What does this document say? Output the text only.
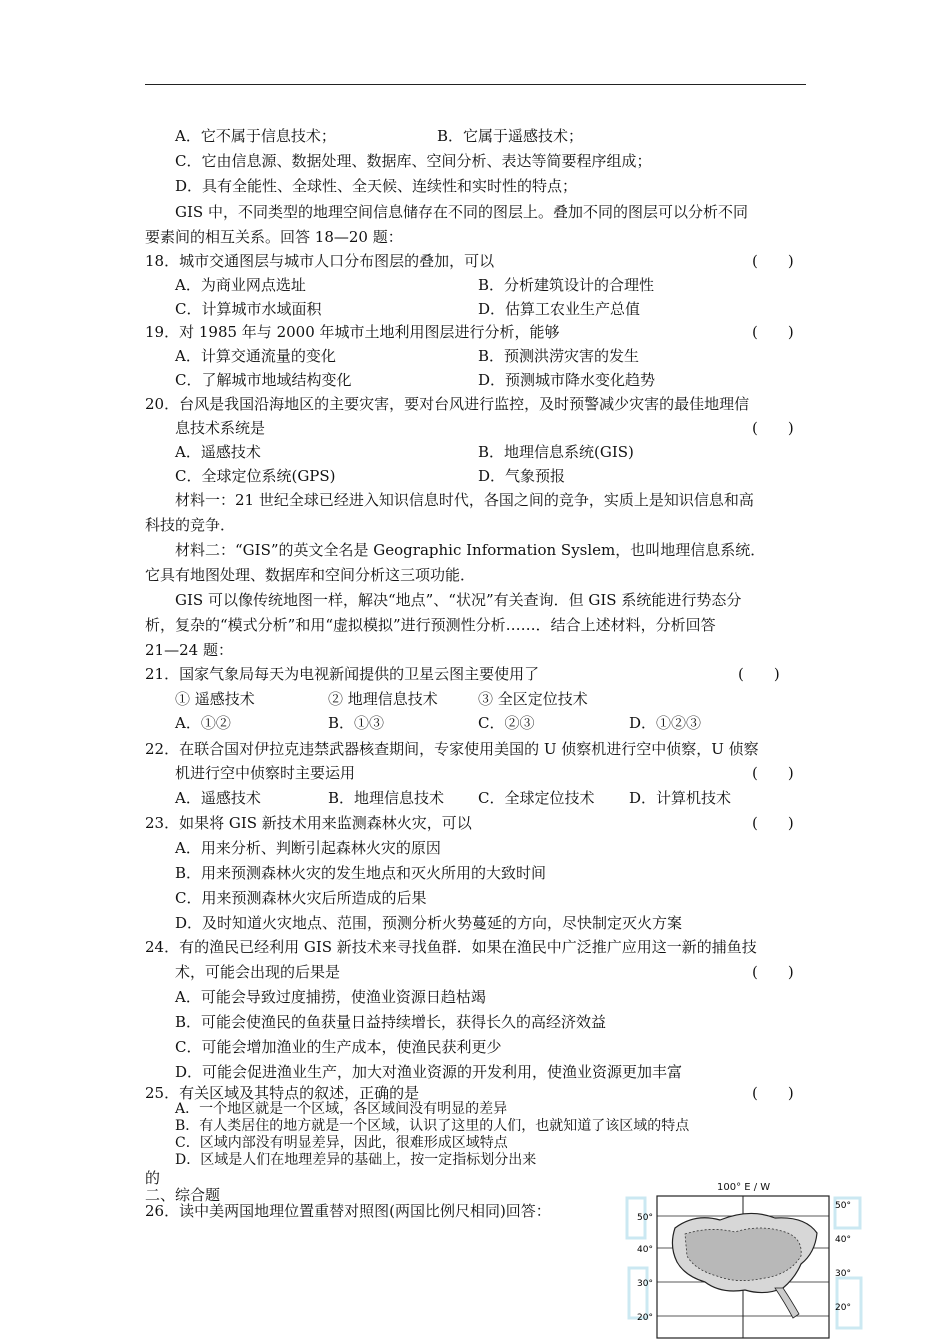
A．它不属于信息技术；	B．它属于遥感技术；
C．它由信息源、数据处理、数据库、空间分析、表达等简要程序组成；
D．具有全能性、全球性、全天候、连续性和实时性的特点；
GIS 中，不同类型的地理空间信息储存在不同的图层上。叠加不同的图层可以分析不同
要素间的相互关系。回答 18—20 题：
18．城市交通图层与城市人口分布图层的叠加，可以
A．为商业网点选址	B．分析建筑设计的合理性
C．计算城市水域面积	D．估算工农业生产总值
19．对 1985 年与 2000 年城市土地利用图层进行分析，能够
A．计算交通流量的变化	B．预测洪涝灾害的发生
C．了解城市地域结构变化	D．预测城市降水变化趋势
20．台风是我国沿海地区的主要灾害，要对台风进行监控，及时预警减少灾害的最佳地理信
息技术系统是
A．遥感技术	B．地理信息系统(GIS)
C．全球定位系统(GPS)	D．气象预报
材料一：21 世纪全球已经进入知识信息时代，各国之间的竞争，实质上是知识信息和高
科技的竞争．
材料二：“GIS”的英文全名是 Geographic Information Syslem，也叫地理信息系统．
它具有地图处理、数据库和空间分析这三项功能．
GIS 可以像传统地图一样，解决“地点”、“状况”有关查询．但 GIS 系统能进行势态分
析，复杂的“模式分析”和用“虚拟模拟”进行预测性分析……．结合上述材料，分析回答
21—24 题：
21．国家气象局每天为电视新闻提供的卫星云图主要使用了
① 遥感技术	② 地理信息技术	③ 全区定位技术
A．①②	B．①③	C．②③	D．①②③
22．在联合国对伊拉克违禁武器核查期间，专家使用美国的 U 侦察机进行空中侦察，U 侦察
机进行空中侦察时主要运用
A．遥感技术	B．地理信息技术 C．全球定位技术 D．计算机技术
23．如果将 GIS 新技术用来监测森林火灾，可以
A．用来分析、判断引起森林火灾的原因
B．用来预测森林火灾的发生地点和灭火所用的大致时间
C．用来预测森林火灾后所造成的后果
D．及时知道火灾地点、范围，预测分析火势蔓延的方向，尽快制定灭火方案
24．有的渔民已经利用 GIS 新技术来寻找鱼群．如果在渔民中广泛推广应用这一新的捕鱼技
术，可能会出现的后果是
A．可能会导致过度捕捞，使渔业资源日趋枯竭
B．可能会使渔民的鱼获量日益持续增长，获得长久的高经济效益
C．可能会增加渔业的生产成本，使渔民获利更少
D．可能会促进渔业生产，加大对渔业资源的开发利用，使渔业资源更加丰富
25．有关区域及其特点的叙述，正确的是
A．一个地区就是一个区域，各区域间没有明显的差异
B．有人类居住的地方就是一个区域，认识了这里的人们，也就知道了该区域的特点
C．区域内部没有明显差异，因此，很难形成区域特点
D．区域是人们在地理差异的基础上，按一定指标划分出来
的
二、综合题
26．读中美两国地理位置重替对照图(两国比例尺相同)回答：
(　　)
(　　)
(　　)
(　　)
(　　)
(　　)
(　　)
(　　)
100° E / W
50°
40°
30°
20°
50°
40°
30°
20°
